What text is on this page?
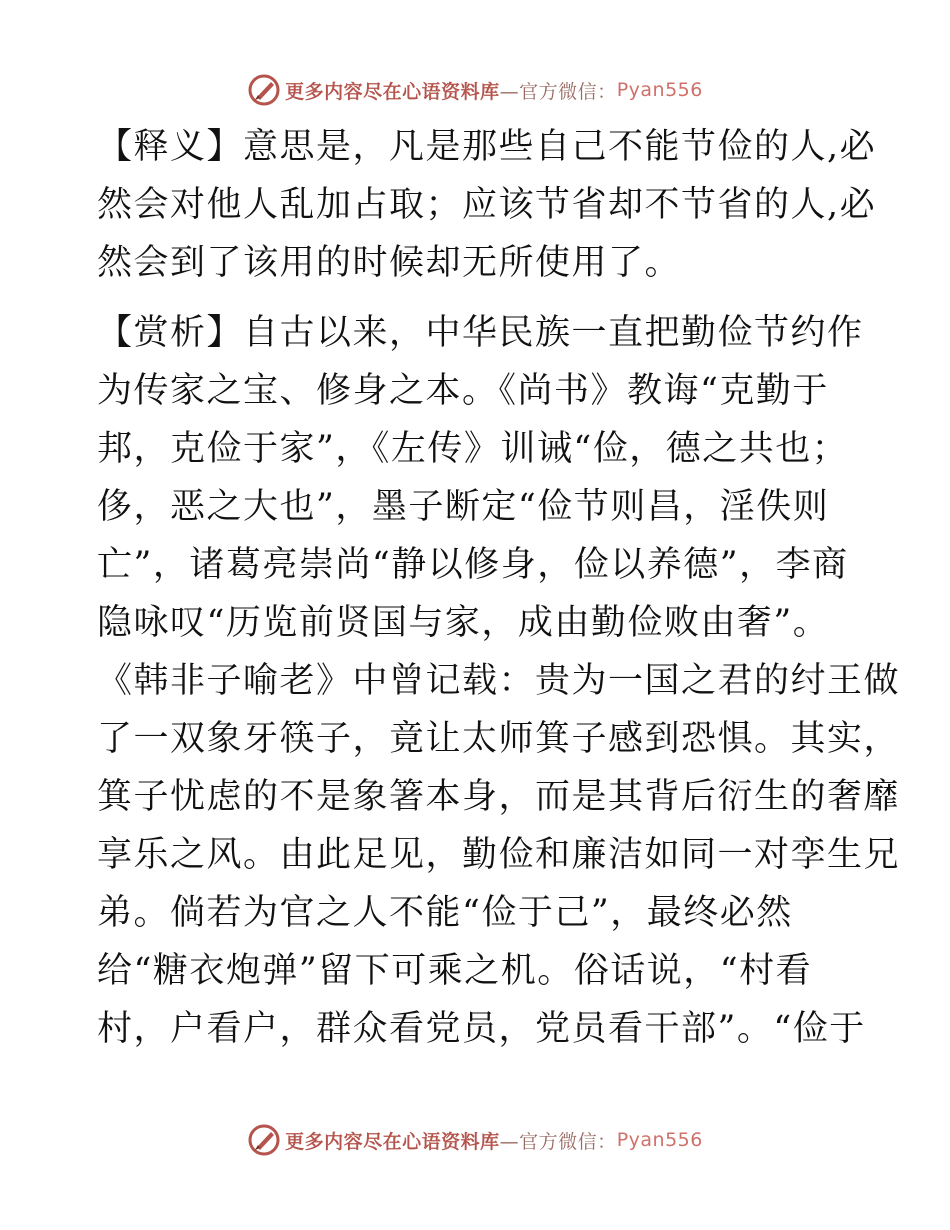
更多内容尽在心语资料库 —官方微信： Pyan556
【释义】意思是，凡是那些自己不能节俭的人,必
然会对他人乱加占取；应该节省却不节省的人,必
然会到了该用的时候却无所使用了。
【赏析】自古以来，中华民族一直把勤俭节约作
为传家之宝、修身之本。《尚书》教诲“克勤于
邦，克俭于家”，《左传》训诫“俭，德之共也；
侈，恶之大也”，墨子断定“俭节则昌，淫佚则
亡”，诸葛亮崇尚“静以修身，俭以养德”，李商
隐咏叹“历览前贤国与家，成由勤俭败由奢”。
《韩非子喻老》中曾记载：贵为一国之君的纣王做
了一双象牙筷子，竟让太师箕子感到恐惧。其实，
箕子忧虑的不是象箸本身，而是其背后衍生的奢靡
享乐之风。由此足见，勤俭和廉洁如同一对孪生兄
弟。倘若为官之人不能“俭于己”，最终必然
给“糖衣炮弹”留下可乘之机。俗话说，“村看
村，户看户，群众看党员，党员看干部”。“俭于
更多内容尽在心语资料库 —官方微信： Pyan556
